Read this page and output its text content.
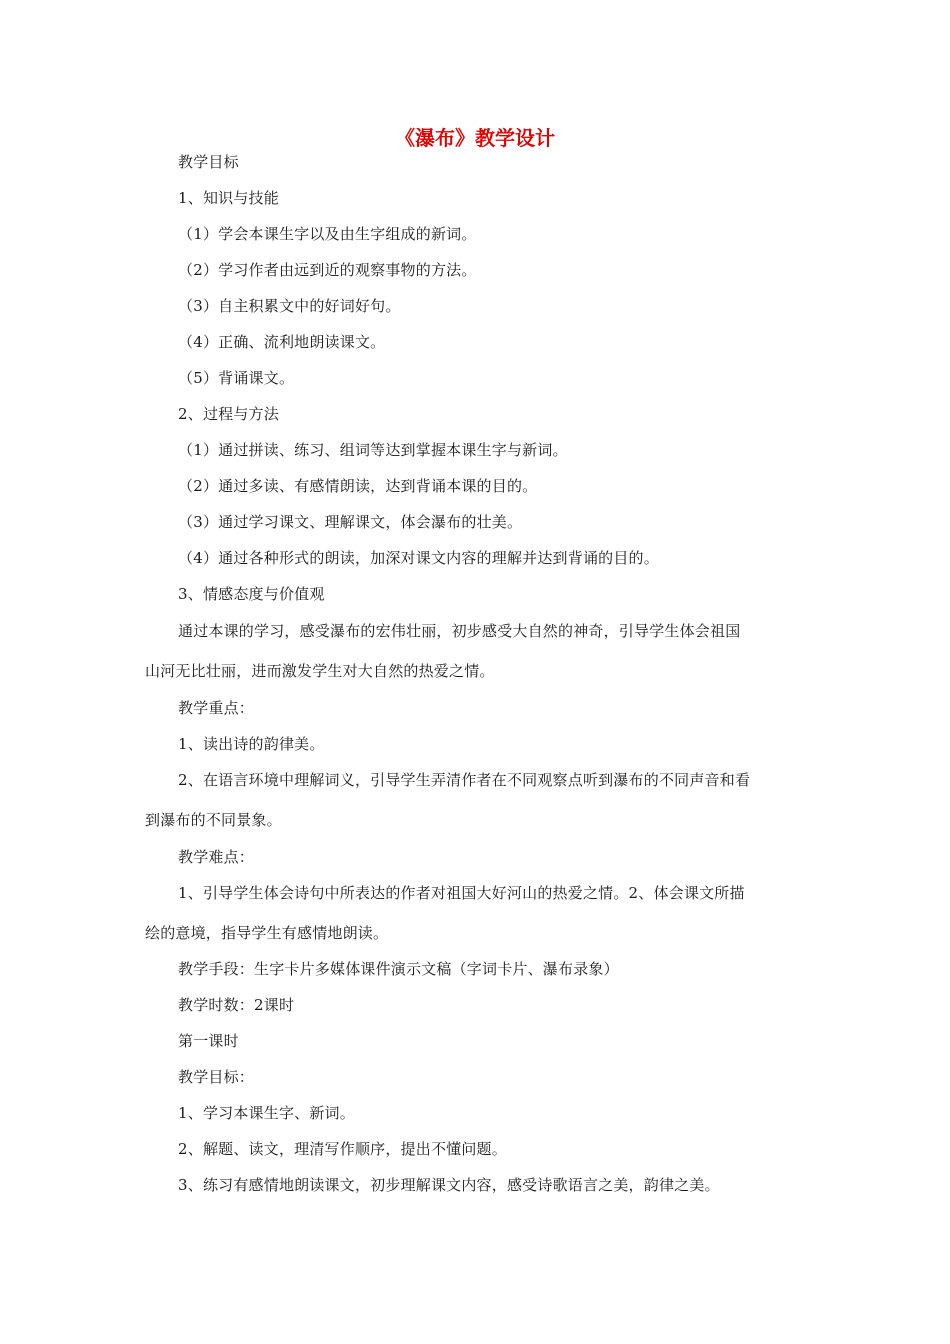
《瀑布》教学设计
教学目标
1、知识与技能
（1）学会本课生字以及由生字组成的新词。
（2）学习作者由远到近的观察事物的方法。
（3）自主积累文中的好词好句。
（4）正确、流利地朗读课文。
（5）背诵课文。
2、过程与方法
（1）通过拼读、练习、组词等达到掌握本课生字与新词。
（2）通过多读、有感情朗读，达到背诵本课的目的。
（3）通过学习课文、理解课文，体会瀑布的壮美。
（4）通过各种形式的朗读，加深对课文内容的理解并达到背诵的目的。
3、情感态度与价值观
通过本课的学习，感受瀑布的宏伟壮丽，初步感受大自然的神奇，引导学生体会祖国
山河无比壮丽，进而激发学生对大自然的热爱之情。
教学重点：
1、读出诗的韵律美。
2、在语言环境中理解词义，引导学生弄清作者在不同观察点听到瀑布的不同声音和看
到瀑布的不同景象。
教学难点：
1、引导学生体会诗句中所表达的作者对祖国大好河山的热爱之情。2、体会课文所描
绘的意境，指导学生有感情地朗读。
教学手段：生字卡片多媒体课件演示文稿（字词卡片、瀑布录象）
教学时数：2课时
第一课时
教学目标：
1、学习本课生字、新词。
2、解题、读文，理清写作顺序，提出不懂问题。
3、练习有感情地朗读课文，初步理解课文内容，感受诗歌语言之美，韵律之美。
